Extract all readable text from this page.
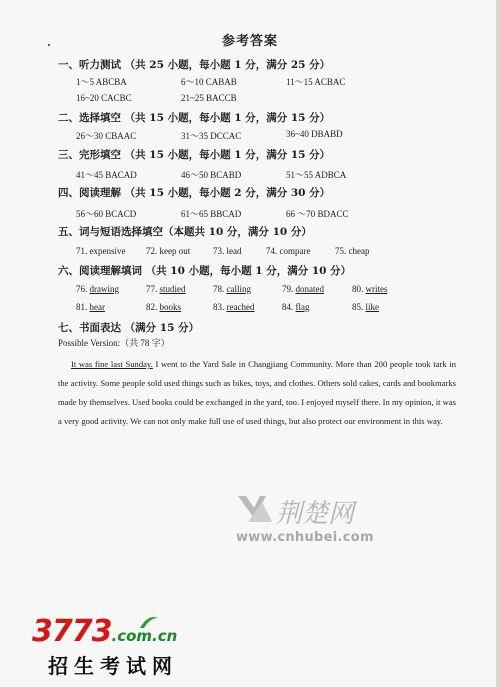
参考答案
一、听力测试 （共 25 小题，每小题 1 分，满分 25 分）
1～5 ABCBA	6～10 CABAB	11～15 ACBAC
16~20 CACBC	21~25 BACCB
二、选择填空 （共 15 小题，每小题 1 分，满分 15 分）
26～30 CBAAC	31～35 DCCAC	36~40 DBABD
三、完形填空 （共 15 小题，每小题 1 分，满分 15 分）
41～45 BACAD	46～50 BCABD	51～55 ADBCA
四、阅读理解 （共 15 小题，每小题 2 分，满分 30 分）
56～60 BCACD	61～65 BBCAD	66 ～70 BDACC
五、词与短语选择填空（本题共 10 分，满分 10 分）
71. expensive 72. keep out	73. lead	74. compare	75. cheap
六、阅读理解填词 （共 10 小题，每小题 1 分，满分 10 分）
76. drawing	77. studied	78. calling	79. donated	80. writes
81. hear	82. books	83. reached	84. flag	85. like
七、书面表达 （满分 15 分）
Possible Version:（共 78 字）
It was fine last Sunday. I went to the Yard Sale in Changjiang Community. More than 200 people took tark in the activity. Some people sold used things such as bikes, toys, and clothes. Others sold cakes, cards and bookmarks made by themselves. Used books could be exchanged in the yard, too. I enjoyed myself there. In my opinion, it was a very good activity. We can not only make full use of used things, but also protect our environment in this way.
荆楚网
www.cnhubei.com
3773.com.cn
招生考试网
